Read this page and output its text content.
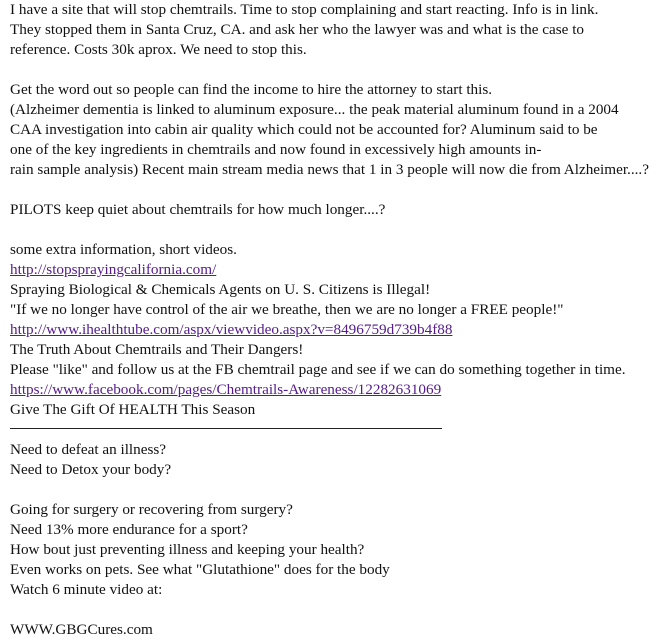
I have a site that will stop chemtrails. Time to stop complaining and start reacting. Info is in link.
They stopped them in Santa Cruz, CA. and ask her who the lawyer was and what is the case to
reference. Costs 30k aprox. We need to stop this.
Get the word out so people can find the income to hire the attorney to start this.
(Alzheimer dementia is linked to aluminum exposure... the peak material aluminum found in a 2004
CAA investigation into cabin air quality which could not be accounted for? Aluminum said to be
one of the key ingredients in chemtrails and now found in excessively high amounts in-
rain sample analysis) Recent main stream media news that 1 in 3 people will now die from Alzheimer....?
PILOTS keep quiet about chemtrails for how much longer....?
some extra information, short videos.
http://stopsprayingcalifornia.com/
Spraying Biological & Chemicals Agents on U. S. Citizens is Illegal!
"If we no longer have control of the air we breathe, then we are no longer a FREE people!"
http://www.ihealthtube.com/aspx/viewvideo.aspx?v=8496759d739b4f88
The Truth About Chemtrails and Their Dangers!
Please "like" and follow us at the FB chemtrail page and see if we can do something together in time.
https://www.facebook.com/pages/Chemtrails-Awareness/12282631069
Give The Gift Of HEALTH This Season
Need to defeat an illness?
Need to Detox your body?
Going for surgery or recovering from surgery?
Need 13% more endurance for a sport?
How bout just preventing illness and keeping your health?
Even works on pets. See what "Glutathione" does for the body
Watch 6 minute video at:
WWW.GBGCures.com
